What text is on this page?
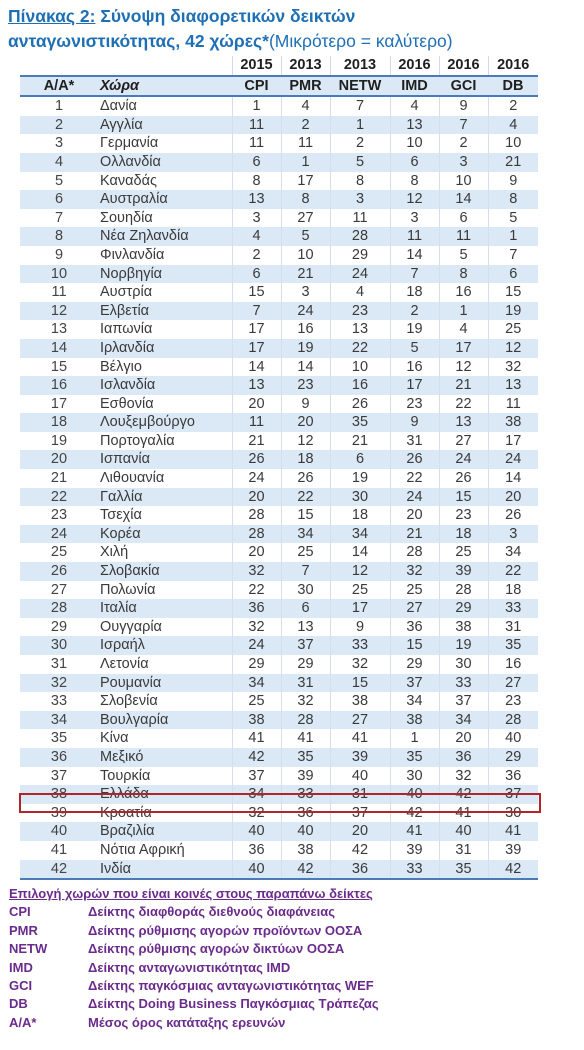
Πίνακας 2: Σύνοψη διαφορετικών δεικτών
ανταγωνιστικότητας, 42 χώρες*(Μικρότερο = καλύτερο)
		2015	2013	2013	2016	2016	2016
Α/Α*	Χώρα	CPI	PMR	NETW	IMD	GCI	DB
1	Δανία	1	4	7	4	9	2
2	Αγγλία	11	2	1	13	7	4
3	Γερμανία	11	11	2	10	2	10
4	Ολλανδία	6	1	5	6	3	21
5	Καναδάς	8	17	8	8	10	9
6	Αυστραλία	13	8	3	12	14	8
7	Σουηδία	3	27	11	3	6	5
8	Νέα Ζηλανδία	4	5	28	11	11	1
9	Φινλανδία	2	10	29	14	5	7
10	Νορβηγία	6	21	24	7	8	6
11	Αυστρία	15	3	4	18	16	15
12	Ελβετία	7	24	23	2	1	19
13	Ιαπωνία	17	16	13	19	4	25
14	Ιρλανδία	17	19	22	5	17	12
15	Βέλγιο	14	14	10	16	12	32
16	Ισλανδία	13	23	16	17	21	13
17	Εσθονία	20	9	26	23	22	11
18	Λουξεμβούργο	11	20	35	9	13	38
19	Πορτογαλία	21	12	21	31	27	17
20	Ισπανία	26	18	6	26	24	24
21	Λιθουανία	24	26	19	22	26	14
22	Γαλλία	20	22	30	24	15	20
23	Τσεχία	28	15	18	20	23	26
24	Κορέα	28	34	34	21	18	3
25	Χιλή	20	25	14	28	25	34
26	Σλοβακία	32	7	12	32	39	22
27	Πολωνία	22	30	25	25	28	18
28	Ιταλία	36	6	17	27	29	33
29	Ουγγαρία	32	13	9	36	38	31
30	Ισραήλ	24	37	33	15	19	35
31	Λετονία	29	29	32	29	30	16
32	Ρουμανία	34	31	15	37	33	27
33	Σλοβενία	25	32	38	34	37	23
34	Βουλγαρία	38	28	27	38	34	28
35	Κίνα	41	41	41	1	20	40
36	Μεξικό	42	35	39	35	36	29
37	Τουρκία	37	39	40	30	32	36
38	Ελλάδα	34	33	31	40	42	37
39	Κροατία	32	36	37	42	41	30
40	Βραζιλία	40	40	20	41	40	41
41	Νότια Αφρική	36	38	42	39	31	39
42	Ινδία	40	42	36	33	35	42
Επιλογή χωρών που είναι κοινές στους παραπάνω δείκτες
CPI	Δείκτης διαφθοράς διεθνούς διαφάνειας
PMR	Δείκτης ρύθμισης αγορών προϊόντων ΟΟΣΑ
NETW	Δείκτης ρύθμισης αγορών δικτύων ΟΟΣΑ
IMD	Δείκτης ανταγωνιστικότητας IMD
GCI	Δείκτης παγκόσμιας ανταγωνιστικότητας WEF
DB	Δείκτης Doing Business Παγκόσμιας Τράπεζας
Α/Α*	Μέσος όρος κατάταξης ερευνών
